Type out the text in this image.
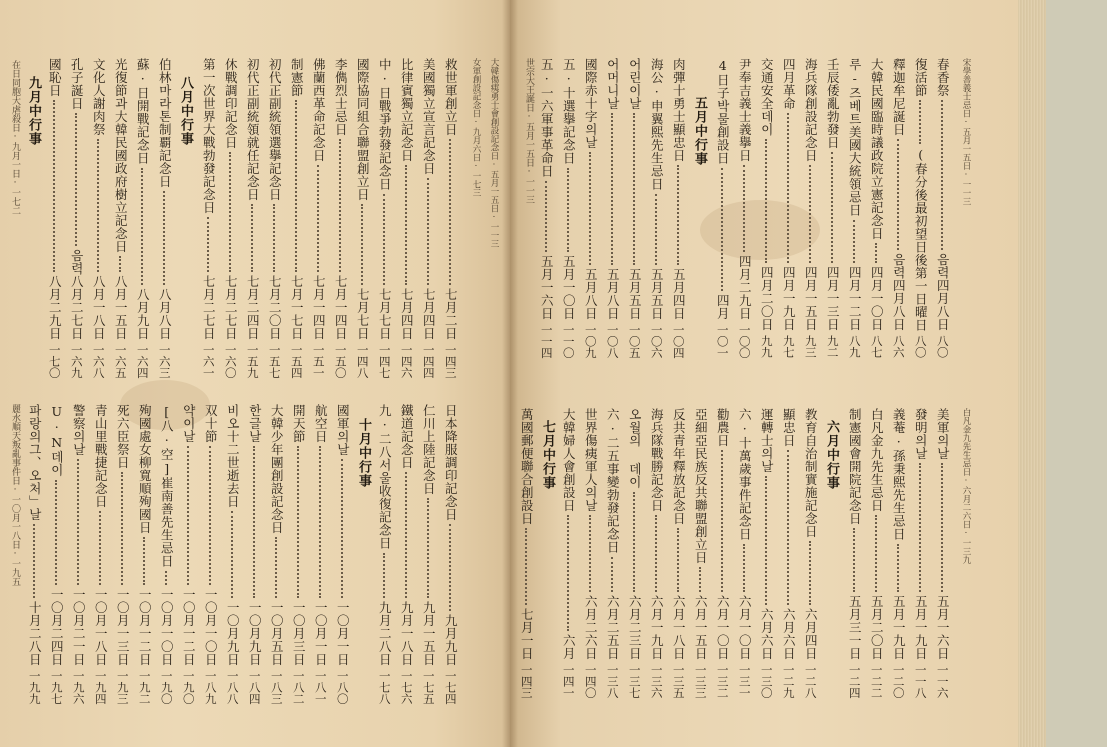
春香祭
음력四月八日
八〇
復活節
(春分後最初望日後第一日曜日
八〇
釋迦牟尼誕日
음력四月八日
八六
大韓民國臨時議政院立憲記念日
四月一〇日
八七
루-즈베트美國大統領忌日
四月一二日
八九
壬辰倭亂勃發日
四月一三日
九二
海兵隊創設記念日
四月一五日
九三
四月革命
四月一九日
九七
交通安全데이
四月二〇日
九九
尹奉吉義士義擧日
四月二九日
一〇〇
4日子박물創設日
四月
一〇一
五月中行事
肉彈十勇士顯忠日
五月四日
一〇四
海公·申翼熙先生忌日
五月五日
一〇六
어린이날
五月五日
一〇五
어머니날
五月八日
一〇八
國際赤十字의날
五月八日
一〇九
五·十選擧記念日
五月一〇日
一一〇
五·一六軍事革命日
五月一六日
一一四
世宗大王誕日·五月一五日·一一三
美軍의날
五月一六日
一一六
發明의날
五月一九日
一一八
義菴·孫秉熙先生忌日
五月一九日
一二〇
白凡金九先生忌日
五月二〇日
一二二
制憲國會開院記念日
五月三一日
一二四
六月中行事
教育自治制實施記念日
六月四日
一二八
顯忠日
六月六日
一二九
運轉士의날
六月六日
一三〇
六·十萬歲事件記念日
六月一〇日
一三一
勸農日
六月一〇日
一三二
亞細亞民族反共聯盟創立日
六月一五日
一三三
反共青年釋放記念日
六月一八日
一三五
海兵隊戰勝記念日
六月一九日
一三六
오월의 데이
六月二三日
一三七
六·二五事變勃發記念日
六月二五日
一三八
世界傷痍軍人의날
六月二六日
一四〇
大韓婦人會創設日
六月
一四一
七月中行事
萬國郵便聯合創設日
七月一日
一四三
救世軍創立日
七月二日
一四三
美國獨立宣言記念日
七月四日
一四四
比律賓獨立記念日
七月四日
一四六
中·日戰爭勃發記念日
七月七日
一四七
國際協同組合聯盟創立日
七月七日
一四八
李儁烈士忌日
七月一四日
一五〇
佛蘭西革命記念日
七月一四日
一五一
制憲節
七月一七日
一五四
初代正副統領選擧記念日
七月二〇日
一五七
初代正副統領就任記念日
七月二四日
一五九
休戰調印記念日
七月二七日
一六〇
第一次世界大戰勃發記念日
七月二七日
一六一
八月中行事
伯林마라톤制覇記念日
八月八日
一六三
蘇·日開戰記念日
八月九日
一六四
光復節과大韓民國政府樹立記念日
八月一五日
一六五
文化人謝肉祭
八月一八日
一六八
孔子誕日
음력八月二七日
一六九
國恥日
八月二九日
一七〇
九月中行事
在日同胞大虐殺日·九月一日·一七二
日本降服調印記念日
九月九日
一七四
仁川上陸記念日
九月一五日
一七五
鐵道記念日
九月一八日
一七六
九·二八서울收復記念日
九月二八日
一七八
十月中行事
國軍의날
一〇月一日
一八〇
航空日
一〇月一日
一八一
開天節
一〇月三日
一八二
大韓少年團創設記念日
一〇月五日
一八三
한글날
一〇月九日
一八四
비오十二世逝去日
一〇月九日
一八八
双十節
一〇月一〇日
一八九
약이날
一〇月一二日
一九〇
[八·空]崔南善先生忌日
一〇月一〇日
一九〇
殉國處女柳寬順殉國日
一〇月一二日
一九二
死六臣祭日
一〇月一三日
一九三
青山里戰捷記念日
一〇月一八日
一九四
警察의날
一〇月二一日
一九六
U·N데이
一〇月二四日
一九七
파랑의그、오처」날
十月二八日
一九九
麗水順天叛亂事件日·一〇月一八日·一九五
女軍創設記念日·九月六日·一七三
大韓傷痍勇士會創設記念日·五月一五日·一一三
宋學善義士忌日·五月一五日·一一三
白凡金九先生忌日·六月二六日·一三九
